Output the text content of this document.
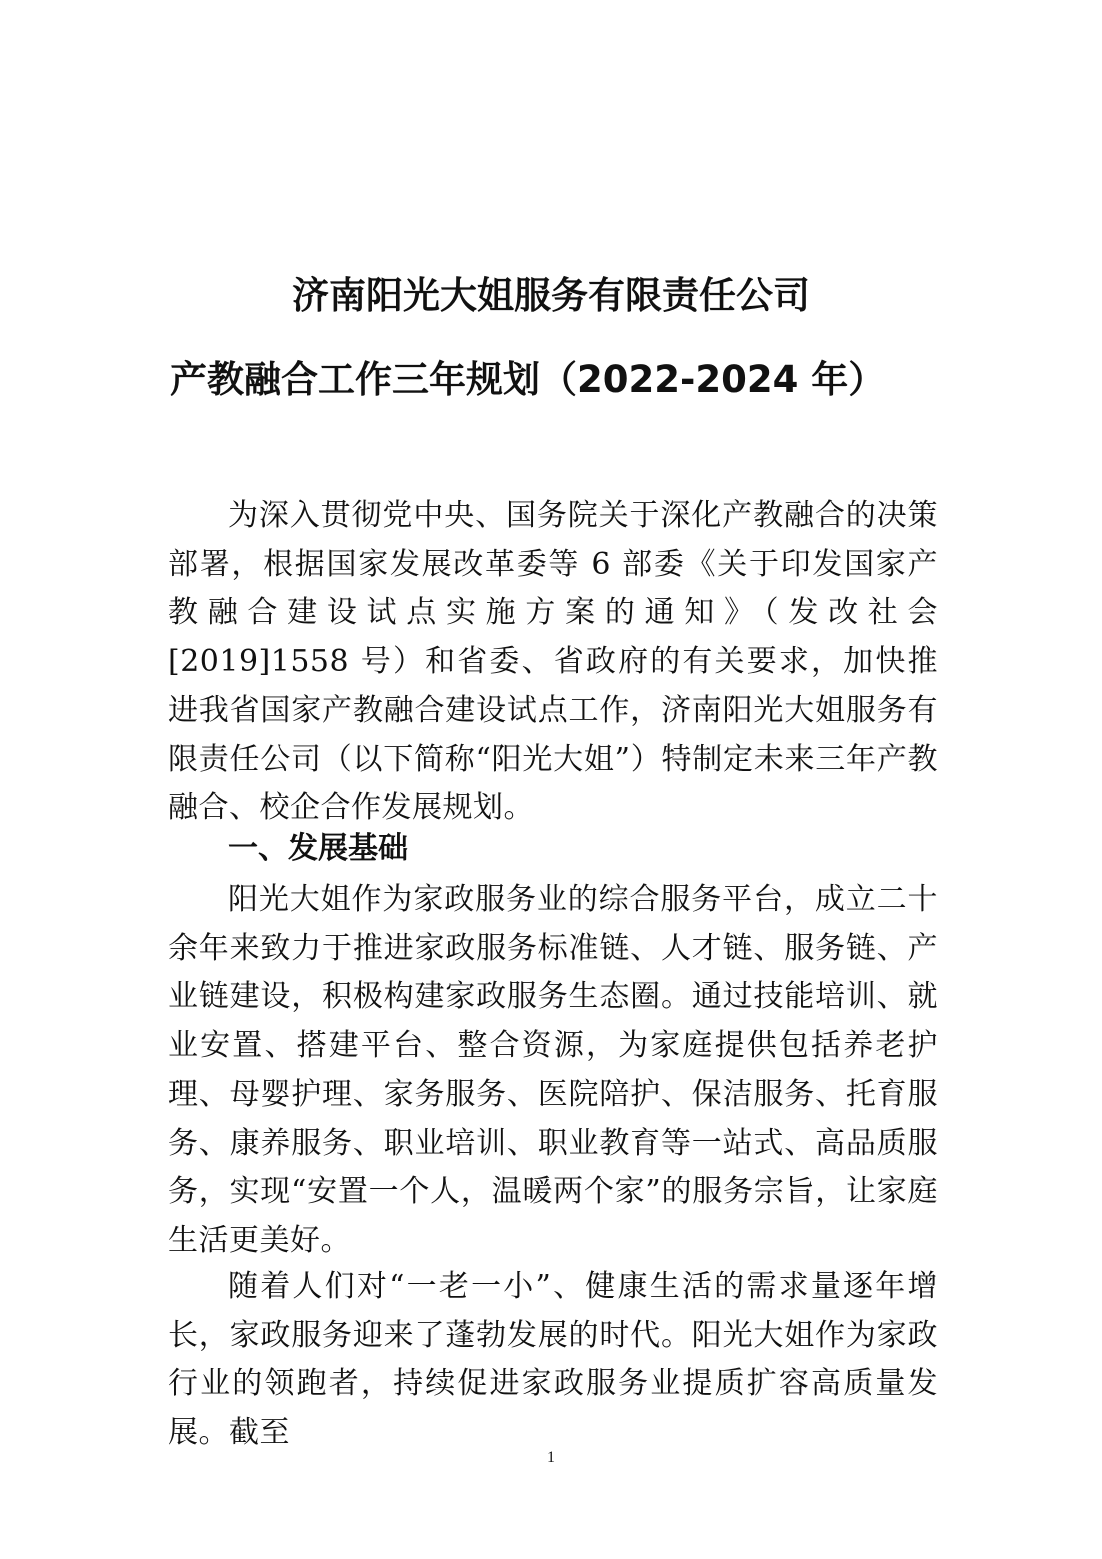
济南阳光大姐服务有限责任公司
产教融合工作三年规划（2022-2024 年）

为深入贯彻党中央、国务院关于深化产教融合的决策部署，根据国家发展改革委等 6 部委《关于印发国家产教融合建设试点实施方案的通知》（发改社会[2019]1558 号）和省委、省政府的有关要求，加快推进我省国家产教融合建设试点工作，济南阳光大姐服务有限责任公司（以下简称“阳光大姐”）特制定未来三年产教融合、校企合作发展规划。

一、发展基础

阳光大姐作为家政服务业的综合服务平台，成立二十余年来致力于推进家政服务标准链、人才链、服务链、产业链建设，积极构建家政服务生态圈。通过技能培训、就业安置、搭建平台、整合资源，为家庭提供包括养老护理、母婴护理、家务服务、医院陪护、保洁服务、托育服务、康养服务、职业培训、职业教育等一站式、高品质服务，实现“安置一个人，温暖两个家”的服务宗旨，让家庭生活更美好。

随着人们对“一老一小”、健康生活的需求量逐年增长，家政服务迎来了蓬勃发展的时代。阳光大姐作为家政行业的领跑者，持续促进家政服务业提质扩容高质量发展。截至

1
